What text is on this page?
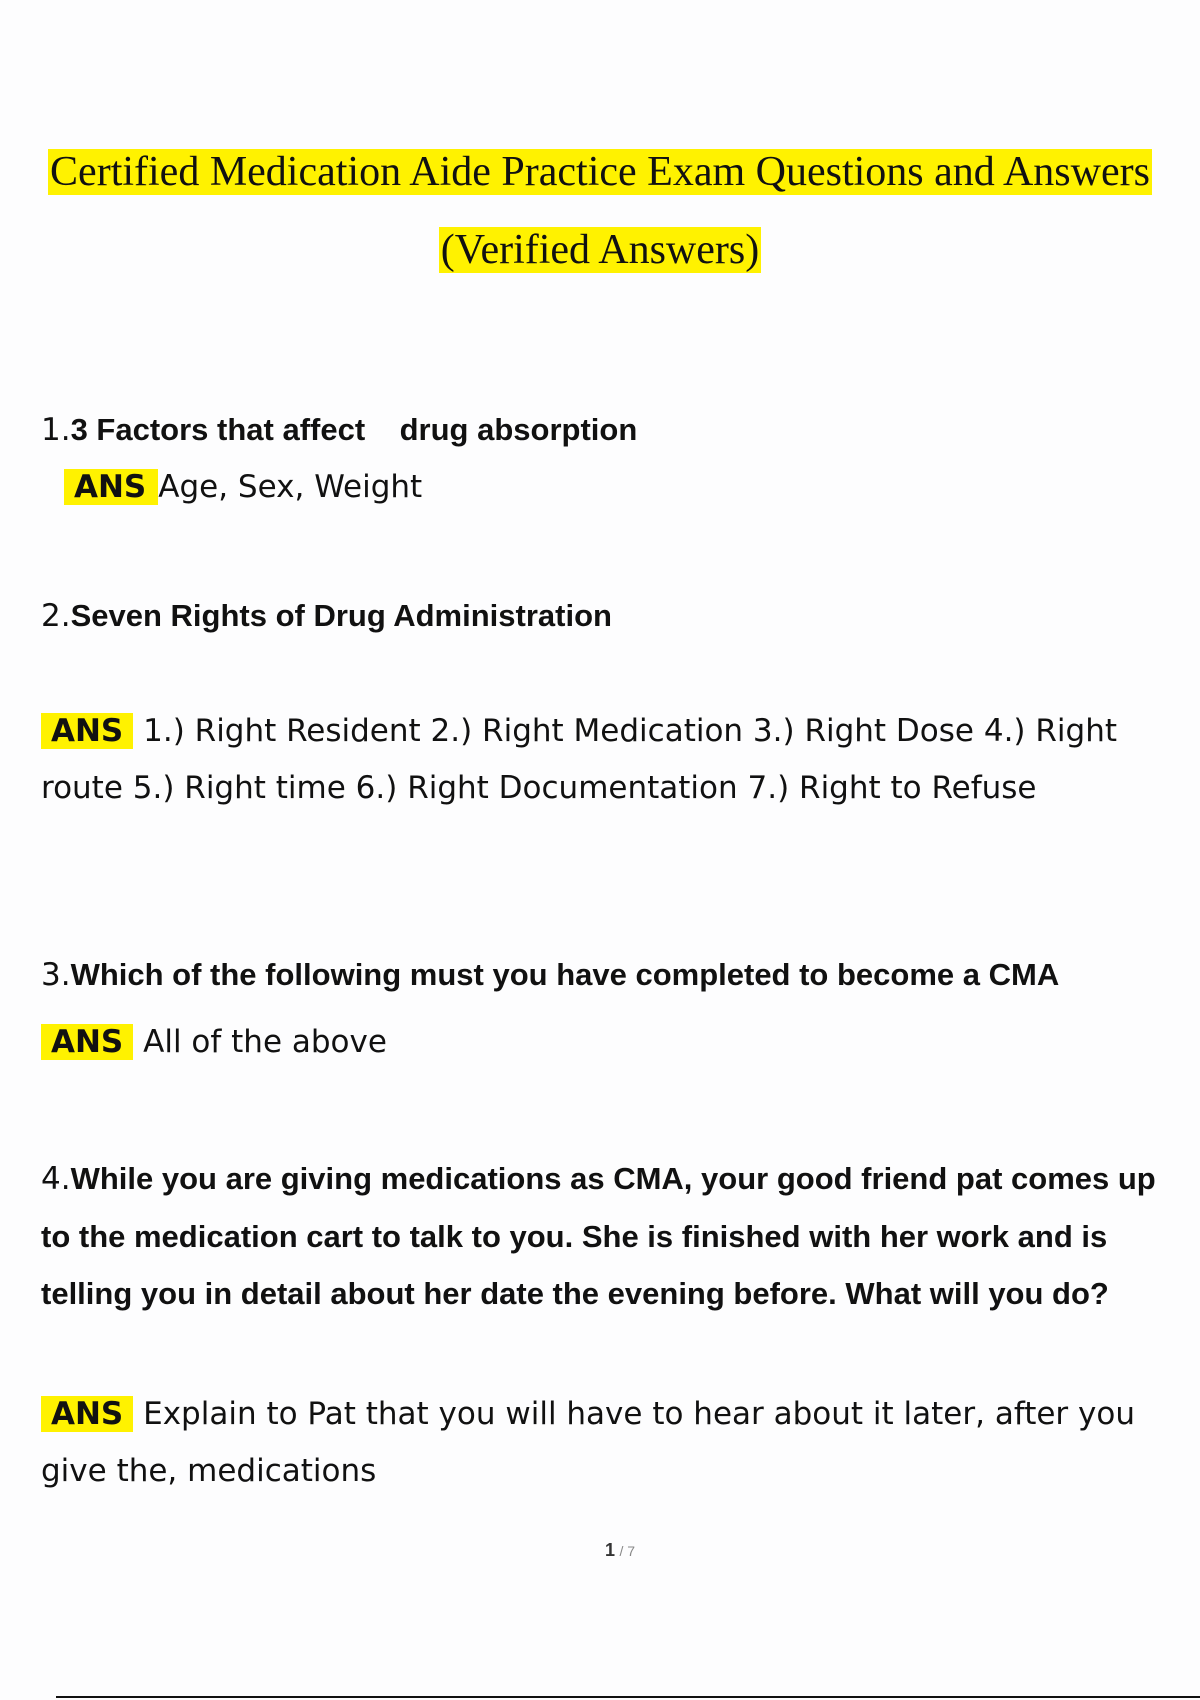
Certified Medication Aide Practice Exam Questions and Answers
(Verified Answers)
1.3 Factors that affect    drug absorption
ANS Age, Sex, Weight
2.Seven Rights of Drug Administration
ANS 1.) Right Resident 2.) Right Medication 3.) Right Dose 4.) Right route 5.) Right time 6.) Right Documentation 7.) Right to Refuse
3.Which of the following must you have completed to become a CMA
ANS All of the above
4.While you are giving medications as CMA, your good friend pat comes up to the medication cart to talk to you. She is finished with her work and is telling you in detail about her date the evening before. What will you do?
ANS Explain to Pat that you will have to hear about it later, after you give the, medications
1 / 7
